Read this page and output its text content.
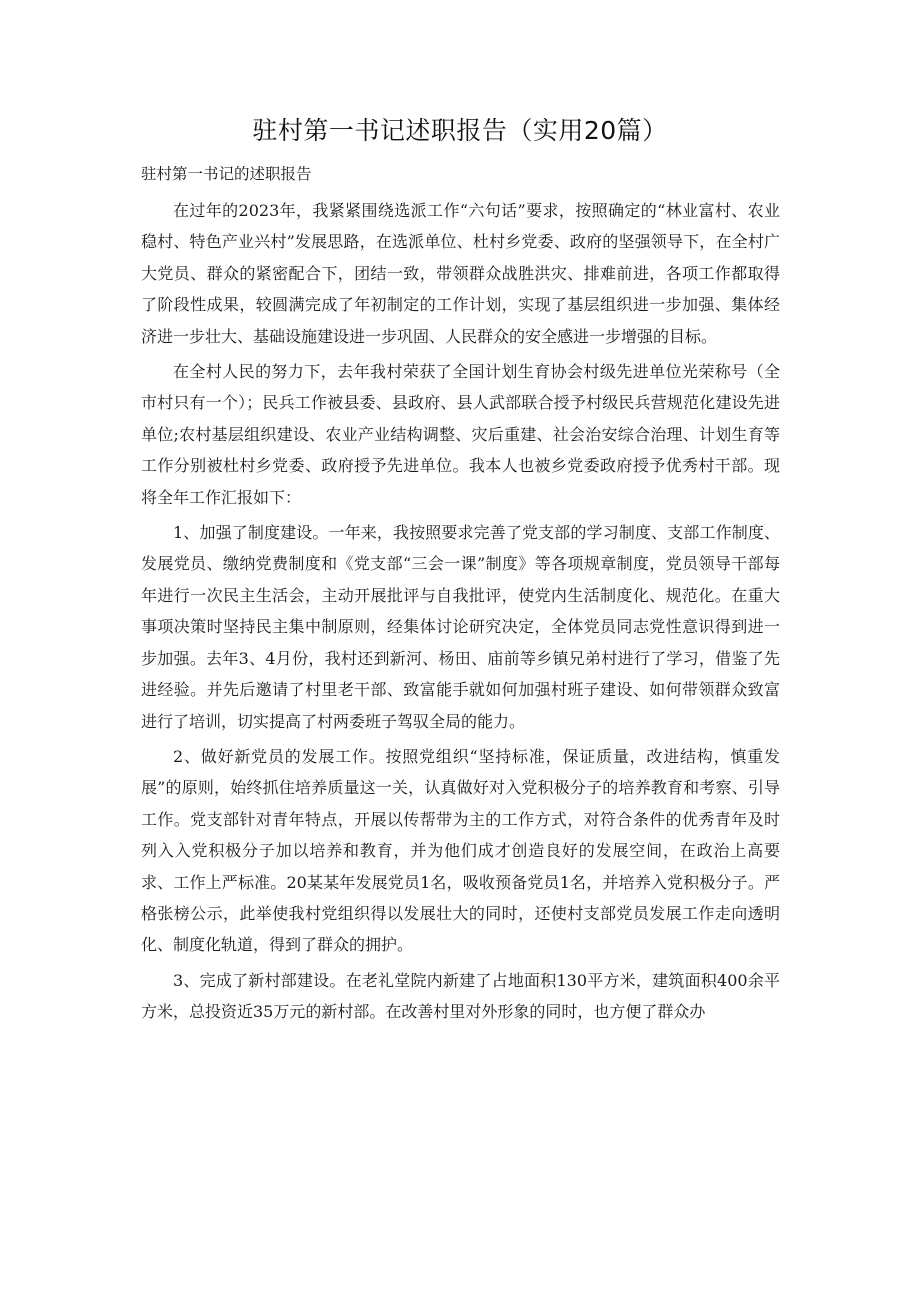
驻村第一书记述职报告（实用20篇）

驻村第一书记的述职报告

在过年的2023年，我紧紧围绕选派工作“六句话”要求，按照确定的“林业富村、农业稳村、特色产业兴村”发展思路，在选派单位、杜村乡党委、政府的坚强领导下，在全村广大党员、群众的紧密配合下，团结一致，带领群众战胜洪灾、排难前进，各项工作都取得了阶段性成果，较圆满完成了年初制定的工作计划，实现了基层组织进一步加强、集体经济进一步壮大、基础设施建设进一步巩固、人民群众的安全感进一步增强的目标。

在全村人民的努力下，去年我村荣获了全国计划生育协会村级先进单位光荣称号（全市村只有一个）；民兵工作被县委、县政府、县人武部联合授予村级民兵营规范化建设先进单位;农村基层组织建设、农业产业结构调整、灾后重建、社会治安综合治理、计划生育等工作分别被杜村乡党委、政府授予先进单位。我本人也被乡党委政府授予优秀村干部。现将全年工作汇报如下：

1、加强了制度建设。一年来，我按照要求完善了党支部的学习制度、支部工作制度、发展党员、缴纳党费制度和《党支部“三会一课”制度》等各项规章制度，党员领导干部每年进行一次民主生活会，主动开展批评与自我批评，使党内生活制度化、规范化。在重大事项决策时坚持民主集中制原则，经集体讨论研究决定，全体党员同志党性意识得到进一步加强。去年3、4月份，我村还到新河、杨田、庙前等乡镇兄弟村进行了学习，借鉴了先进经验。并先后邀请了村里老干部、致富能手就如何加强村班子建设、如何带领群众致富进行了培训，切实提高了村两委班子驾驭全局的能力。

2、做好新党员的发展工作。按照党组织“坚持标准，保证质量，改进结构，慎重发展”的原则，始终抓住培养质量这一关，认真做好对入党积极分子的培养教育和考察、引导工作。党支部针对青年特点，开展以传帮带为主的工作方式，对符合条件的优秀青年及时列入入党积极分子加以培养和教育，并为他们成才创造良好的发展空间，在政治上高要求、工作上严标准。20某某年发展党员1名，吸收预备党员1名，并培养入党积极分子。严格张榜公示，此举使我村党组织得以发展壮大的同时，还使村支部党员发展工作走向透明化、制度化轨道，得到了群众的拥护。

3、完成了新村部建设。在老礼堂院内新建了占地面积130平方米，建筑面积400余平方米，总投资近35万元的新村部。在改善村里对外形象的同时，也方便了群众办
